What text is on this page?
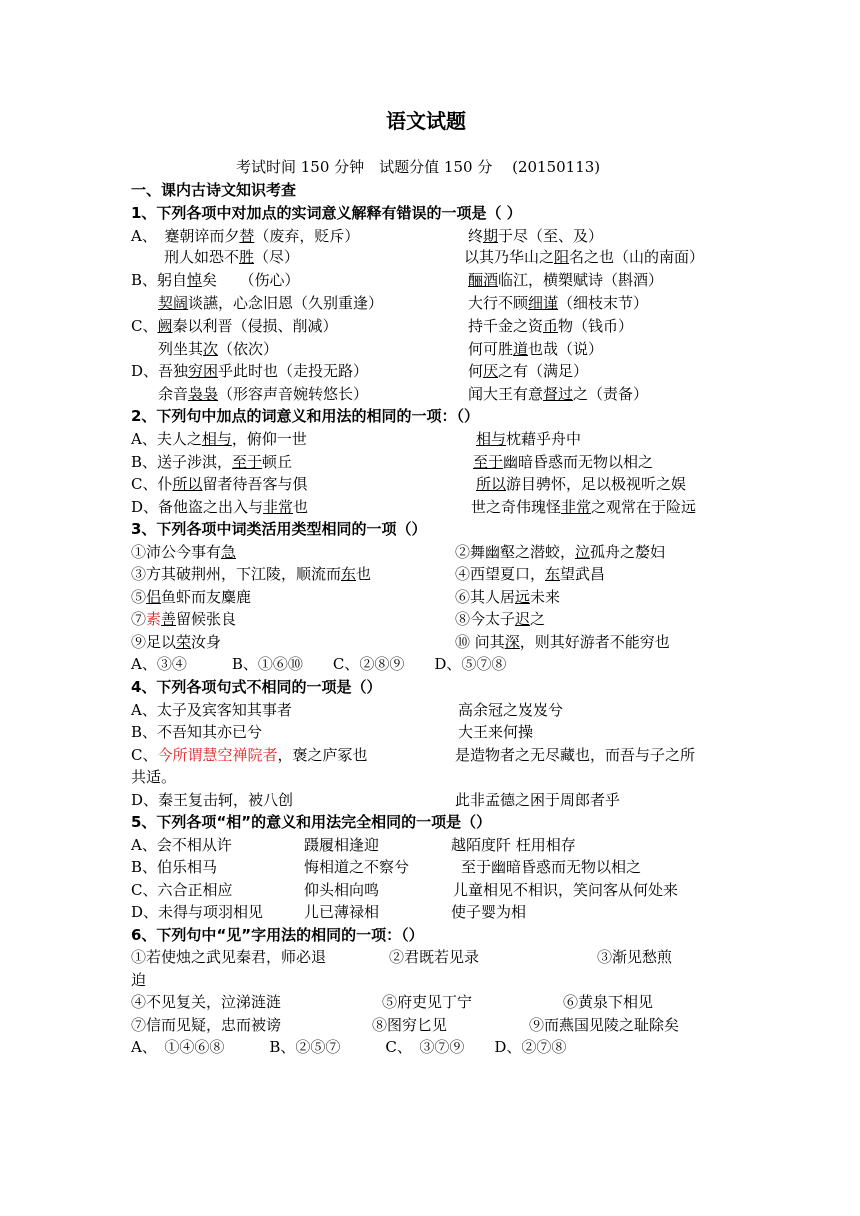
语文试题
考试时间 150 分钟　试题分值 150 分　 (20150113)
一、课内古诗文知识考查
1、下列各项中对加点的实词意义解释有错误的一项是（ ）
A、　蹇朝谇而夕替（废弃，贬斥）	终期于尽（至、及）
刑人如恐不胜（尽）	以其乃华山之阳名之也（山的南面）
B、躬自悼矣　　（伤心）	酾酒临江，横槊赋诗（斟酒）
契阔谈讌，心念旧恩（久别重逢）	大行不顾细谨（细枝末节）
C、阙秦以利晋（侵损、削减）	持千金之资币物（钱币）
列坐其次（依次）	何可胜道也哉（说）
D、吾独穷困乎此时也（走投无路）	何厌之有（满足）
余音袅袅（形容声音婉转悠长）	闻大王有意督过之（责备）
2、下列句中加点的词意义和用法的相同的一项：（）
A、夫人之相与，俯仰一世	相与枕藉乎舟中
B、送子涉淇，至于顿丘	至于幽暗昏惑而无物以相之
C、仆所以留者待吾客与俱	所以游目骋怀，足以极视听之娱
D、备他盗之出入与非常也	世之奇伟瑰怪非常之观常在于险远
3、下列各项中词类活用类型相同的一项（）
①沛公今事有急	②舞幽壑之潜蛟，泣孤舟之嫠妇
③方其破荆州，下江陵，顺流而东也	④西望夏口，东望武昌
⑤侣鱼虾而友麋鹿	⑥其人居远未来
⑦素善留候张良	⑧今太子迟之
⑨足以荣汝身	⑩ 问其深，则其好游者不能穷也
A、③④　　　B、①⑥⑩　　C、②⑧⑨　　D、⑤⑦⑧
4、下列各项句式不相同的一项是（）
A、太子及宾客知其事者	高余冠之岌岌兮
B、不吾知其亦已兮	大王来何操
C、今所谓慧空禅院者，褒之庐冢也	是造物者之无尽藏也，而吾与子之所
共适。
D、秦王复击轲，被八创	此非孟德之困于周郎者乎
5、下列各项“相”的意义和用法完全相同的一项是（）
A、会不相从许	蹑履相逢迎	越陌度阡 枉用相存
B、伯乐相马	悔相道之不察兮	至于幽暗昏惑而无物以相之
C、六合正相应	仰头相向鸣	儿童相见不相识，笑问客从何处来
D、未得与项羽相见	儿已薄禄相	使子婴为相
6、下列句中“见”字用法的相同的一项：（）
①若使烛之武见秦君，师必退	②君既若见录	③渐见愁煎
迫
④不见复关，泣涕涟涟	⑤府吏见丁宁	⑥黄泉下相见
⑦信而见疑，忠而被谤	⑧图穷匕见	⑨而燕国见陵之耻除矣
A、　①④⑥⑧　　　B、②⑤⑦　　　C、　③⑦⑨　　D、②⑦⑧
